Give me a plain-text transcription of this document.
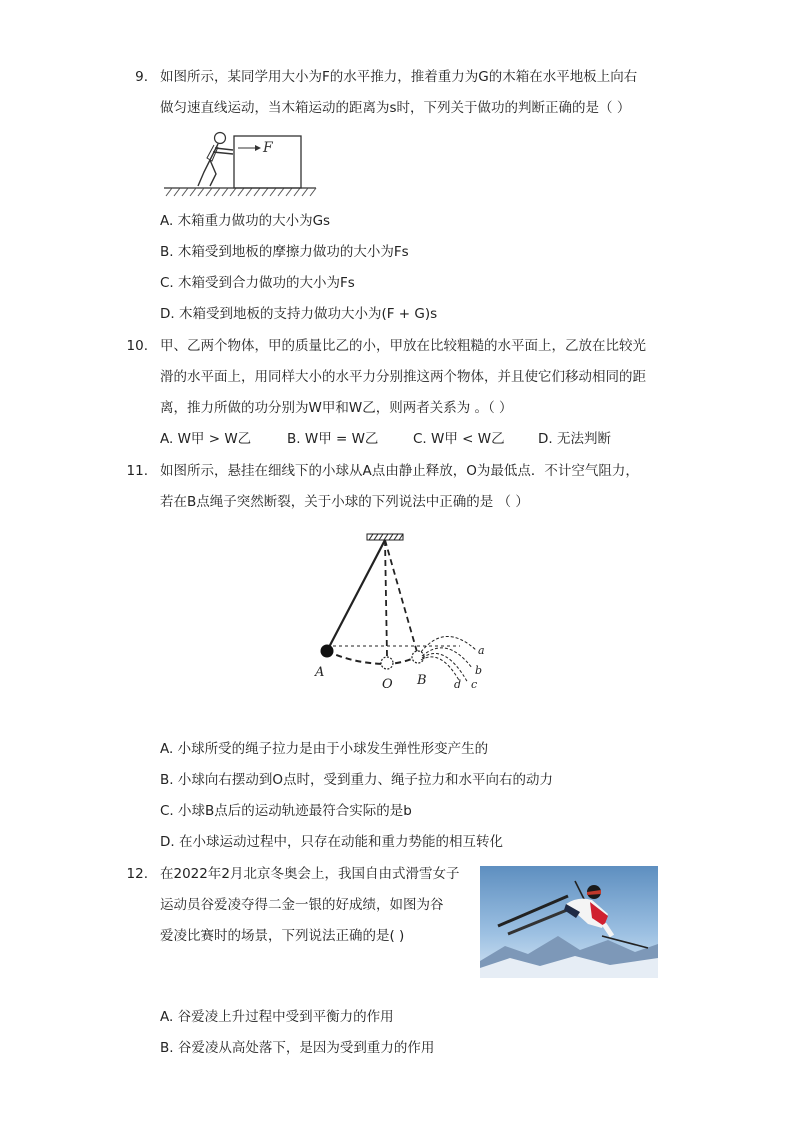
9. 如图所示，某同学用大小为F的水平推力，推着重力为G的木箱在水平地板上向右
做匀速直线运动，当木箱运动的距离为s时，下列关于做功的判断正确的是（ ）
F
A. 木箱重力做功的大小为Gs
B. 木箱受到地板的摩擦力做功的大小为Fs
C. 木箱受到合力做功的大小为Fs
D. 木箱受到地板的支持力做功大小为(F + G)s
10. 甲、乙两个物体，甲的质量比乙的小，甲放在比较粗糙的水平面上，乙放在比较光
滑的水平面上，用同样大小的水平力分别推这两个物体，并且使它们移动相同的距
离，推力所做的功分别为W甲和W乙，则两者关系为 。（ ）
A. W甲 > W乙	B. W甲 = W乙	C. W甲 < W乙 D. 无法判断
11. 如图所示，悬挂在细线下的小球从A点由静止释放，O为最低点．不计空气阻力，
若在B点绳子突然断裂，关于小球的下列说法中正确的是 （ ）
A
O B
a
b
c
d
A. 小球所受的绳子拉力是由于小球发生弹性形变产生的
B. 小球向右摆动到O点时，受到重力、绳子拉力和水平向右的动力
C. 小球B点后的运动轨迹最符合实际的是b
D. 在小球运动过程中，只存在动能和重力势能的相互转化
12. 在2022年2月北京冬奥会上，我国自由式滑雪女子
运动员谷爱凌夺得二金一银的好成绩，如图为谷
爱凌比赛时的场景，下列说法正确的是( )
A. 谷爱凌上升过程中受到平衡力的作用
B. 谷爱凌从高处落下，是因为受到重力的作用
